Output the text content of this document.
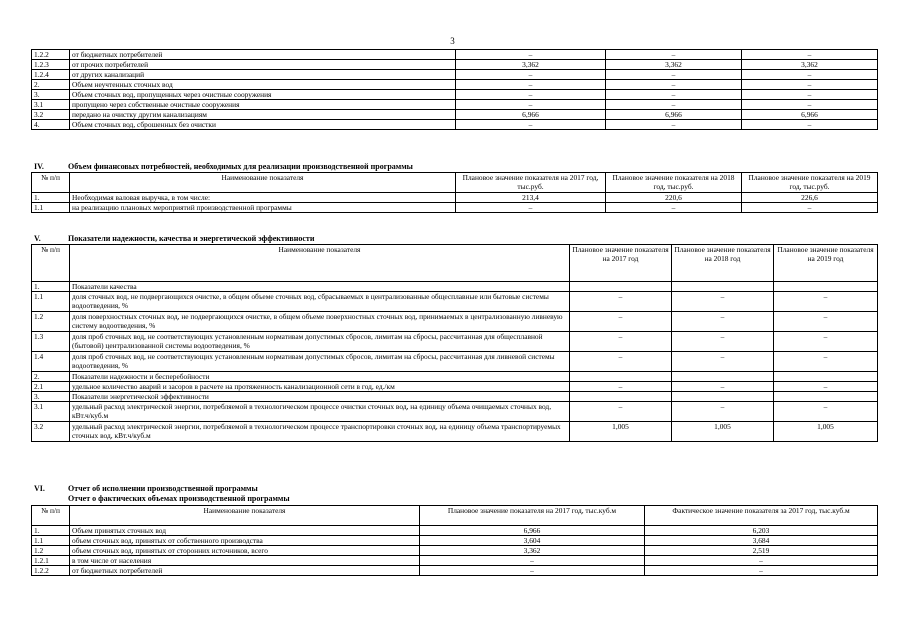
3
1.2.2	от бюджетных потребителей	–	–	–
1.2.3	от прочих потребителей	3,362	3,362	3,362
1.2.4	от других канализаций	–	–	–
2.	Объем неучтенных сточных вод	–	–	–
3.	Объем сточных вод, пропущенных через очистные сооружения	–	–	–
3.1	пропущено через собственные очистные сооружения	–	–	–
3.2	передано на очистку другим канализациям	6,966	6,966	6,966
4.	Объем сточных вод, сброшенных без очистки	–	–	–
IV.	Объем финансовых потребностей, необходимых для реализации производственной программы
№ п/п	Наименование показателя	Плановое значение показателя на 2017 год, тыс.руб.	Плановое значение показателя на 2018 год, тыс.руб.	Плановое значение показателя на 2019 год, тыс.руб.
1.	Необходимая валовая выручка, в том числе:	213,4	220,6	226,6
1.1	на реализацию плановых мероприятий производственной программы	–	–	–
V.	Показатели надежности, качества и энергетической эффективности
№ п/п	Наименование показателя	Плановое значение показателя на 2017 год	Плановое значение показателя на 2018 год	Плановое значение показателя на 2019 год
1.	Показатели качества			
1.1	доля сточных вод, не подвергающихся очистке, в общем объеме сточных вод, сбрасываемых в централизованные общесплавные или бытовые системы водоотведения, %	–	–	–
1.2	доля поверхностных сточных вод, не подвергающихся очистке, в общем объеме поверхностных сточных вод, принимаемых в централизованную ливневую систему водоотведения, %	–	–	–
1.3	доля проб сточных вод, не соответствующих установленным нормативам допустимых сбросов, лимитам на сбросы, рассчитанная для общесплавной (бытовой) централизованной системы водоотведения, %	–	–	–
1.4	доля проб сточных вод, не соответствующих установленным нормативам допустимых сбросов, лимитам на сбросы, рассчитанная для ливневой системы водоотведения, %	–	–	–
2.	Показатели надежности и бесперебойности			
2.1	удельное количество аварий и засоров в расчете на протяженность канализационной сети в год, ед./км	–	–	–
3.	Показатели энергетической эффективности			
3.1	удельный расход электрической энергии, потребляемой в технологическом процессе очистки сточных вод, на единицу объема очищаемых сточных вод, кВт.ч/куб.м	–	–	–
3.2	удельный расход электрической энергии, потребляемой в технологическом процессе транспортировки сточных вод, на единицу объема транспортируемых сточных вод, кВт.ч/куб.м	1,005	1,005	1,005
VI.	Отчет об исполнении производственной программы
Отчет о фактических объемах производственной программы
№ п/п	Наименование показателя	Плановое значение показателя на 2017 год, тыс.куб.м	Фактическое значение показателя за 2017 год, тыс.куб.м
1.	Объем принятых сточных вод	6,966	6,203
1.1	объем сточных вод, принятых от собственного производства	3,604	3,684
1.2	объем сточных вод, принятых от сторонних источников, всего	3,362	2,519
1.2.1	в том числе от населения	–	–
1.2.2	от бюджетных потребителей	–	–
